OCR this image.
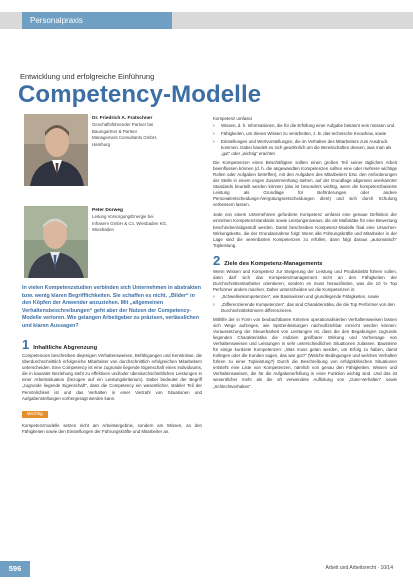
Personalpraxis
Entwicklung und erfolgreiche Einführung
Competency-Modelle
Dr. Friedrich A. Fratschner
Geschäftsführender Partner bei
Baumgartner & Partner
Management Consultants GmbH,
Hamburg
Peter Dorweg
Leitung Vorsorgung/Energie bei
Infraserv GmbH & Co. Wiesbaden KG,
Wiesbaden
In vielen Kompetenzstudien verbinden sich Unternehmen in abstrakten bzw. wenig klaren Begrifflichkeiten. Sie schaffen es nicht, „Bilder“ in den Köpfen der Anwender anzuziehen. Mit „allgemeinen Verhaltensbeschreibungen“ geht aber der Nutzen der Competency-Modelle verloren. Wie gelangen Arbeitgeber zu präzisen, verlässlichen und klaren Aussagen?
1 Inhaltliche Abgrenzung

Competencies beschreiben diejenigen Verhaltensweisen, Befähigungen und Kenntnisse, die überdurchschnittlich erfolgreiche Mitarbeiter von durchschnittlich erfolgreichen Mitarbeitern unterscheiden. Eine Competency ist eine zugrunde liegende Eigenschaft eines Individuums, die in kausaler Beziehung steht zu effektiven und/oder überdurchschnittlichen Leistungen in einer Arbeitssituation (bezogen auf ein Leistungskriterium). Dabei bedeutet der Begriff „zugrunde liegende Eigenschaft“, dass die Competency ein wesentlicher, stabiler Teil der Persönlichkeit ist und das Verhalten in einer Vielzahl von Situationen und Aufgabenstellungen vorhergesagt werden kann.

Wichtig

Kompetenzmodelle setzen nicht am Arbeitsergebnis, sondern am Wissen, an den Fähigkeiten sowie den Einstellungen der Führungskräfte und Mitarbeiter an.

Kompetenz umfasst

› Wissen, d. h. Informationen, die für die Erfüllung einer Aufgabe bekannt sein müssen und
› Fähigkeiten, um dieses Wissen zu verarbeiten, z. B. das technische Knowhow, sowie
› Einstellungen und Wertvorstellungen, die im Verhalten des Mitarbeiters zum Ausdruck kommen. Dabei handelt es sich gewöhnlich um die Bereitschaften dessen, was man als „gut“ oder „wichtig“ erachtet.

Die Kompetenzen eines Beschäftigten sollten einen großen Teil seiner täglichen Arbeit beeinflussen können (d. h. die angewandten Kompetenzen sollten eine oder mehrere wichtige Rollen oder Aufgaben betreffen), mit den Aufgaben des Mitarbeiters bzw. den Anforderungen der Stelle in einem engen Zusammenhang stehen, auf der Grundlage allgemein anerkannter Standards beurteilt werden können (das ist besonders wichtig, wenn die kompetenzbasierte Leistung als Grundlage für Beförderungen oder andere Personalentscheidungs-/Vergütungsentscheidungen dient) und sich durch Schulung verbessern lassen.

Jede von einem Unternehmen geforderte Kompetenz umfasst eine genaue Definition der einzelnen Kompetenzstandards sowie Leistungsniveaus, die als Maßstäbe für eine Bewertung beschrieben/abgestuft werden. Damit beschreiben Kompetenz-Modelle final eine Ursachen-Wirkungskette, die der Grundannahme folgt: Wenn alle Führungskräfte und Mitarbeiter in der Lage sind die vereinbarten Kompetenzen zu erfüllen, dann folgt daraus „automatisch“ Topleistung.

2 Ziele des Kompetenz-Managements

Wenn Wissen und Kompetenz zur Steigerung der Leistung und Produktivität führen sollen, dann darf sich das Kompetenzmanagement nicht an den Fähigkeiten der Durchschnittsmitarbeiter orientieren, sondern es muss herausfinden, was die 10 % Top Performer anders machen. Daher unterscheiden wir die Kompetenzen in:

› „Schwellenkompetenzen“, wie Basiswissen und grundlegende Fähigkeiten, sowie
› „Differenzierende Kompetenzen“, das sind Charakteristika, die die Top Performer von den Durchschnittskönnern differenzieren.

Mithilfe der in Form von beobachtbaren Kriterien operationalisierten Verhaltensweisen lassen sich Wege aufzeigen, wie Spitzenleistungen nachvollziehbar erreicht werden können. Voraussetzung der Steuerbarkeit von Leistungen ist, dass die den Begabungen zugrunde liegenden Charakteristika die Indizien greifbarer Wirkung und Vorhersage von Verhaltensweisen und Leistungen in sehr unterschiedlichen Situationen zulassen. Bausteine für einige konkrete Kompetenzen: „Was muss getan werden, um Erfolg zu haben, damit Kollegen oder die Kunden sagen, das war gut?“ (Welche Bedingungen und welches Verhalten führen zu einer Topleistung?) Durch die Beschreibung von erfolgskritischen Situationen entsteht eine Liste von Kompetenzen, nämlich von genau den Fähigkeiten, Wissen und Verhaltensweisen, die für die Aufgabenerfüllung in einer Funktion wichtig sind. Und das ist wesentlicher mehr als die oft verwendete Auflistung von „Gute-Verhalten“ sowie „Schlechtverhalten“.

596	Arbeit und Arbeitsrecht · 10/14
